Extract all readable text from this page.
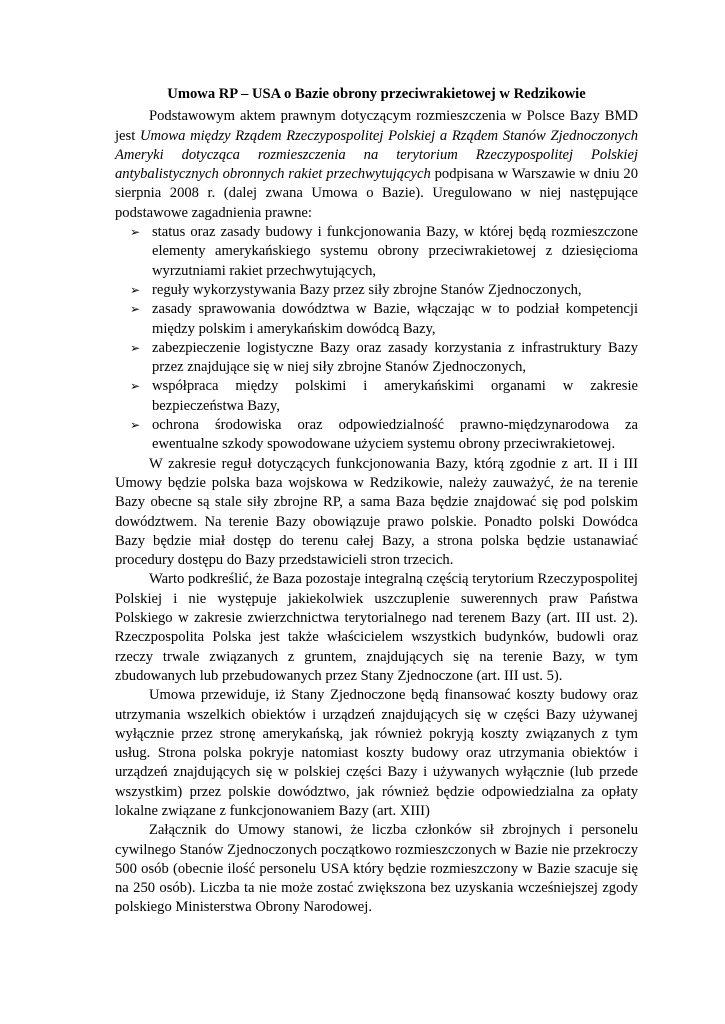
Umowa RP – USA o Bazie obrony przeciwrakietowej w Redzikowie

Podstawowym aktem prawnym dotyczącym rozmieszczenia w Polsce Bazy BMD jest Umowa między Rządem Rzeczypospolitej Polskiej a Rządem Stanów Zjednoczonych Ameryki dotycząca rozmieszczenia na terytorium Rzeczypospolitej Polskiej antybalistycznych obronnych rakiet przechwytujących podpisana w Warszawie w dniu 20 sierpnia 2008 r. (dalej zwana Umowa o Bazie). Uregulowano w niej następujące podstawowe zagadnienia prawne:

➢ status oraz zasady budowy i funkcjonowania Bazy, w której będą rozmieszczone elementy amerykańskiego systemu obrony przeciwrakietowej z dziesięcioma wyrzutniami rakiet przechwytujących,
➢ reguły wykorzystywania Bazy przez siły zbrojne Stanów Zjednoczonych,
➢ zasady sprawowania dowództwa w Bazie, włączając w to podział kompetencji między polskim i amerykańskim dowódcą Bazy,
➢ zabezpieczenie logistyczne Bazy oraz zasady korzystania z infrastruktury Bazy przez znajdujące się w niej siły zbrojne Stanów Zjednoczonych,
➢ współpraca między polskimi i amerykańskimi organami w zakresie bezpieczeństwa Bazy,
➢ ochrona środowiska oraz odpowiedzialność prawno-międzynarodowa za ewentualne szkody spowodowane użyciem systemu obrony przeciwrakietowej.

W zakresie reguł dotyczących funkcjonowania Bazy, którą zgodnie z art. II i III Umowy będzie polska baza wojskowa w Redzikowie, należy zauważyć, że na terenie Bazy obecne są stale siły zbrojne RP, a sama Baza będzie znajdować się pod polskim dowództwem. Na terenie Bazy obowiązuje prawo polskie. Ponadto polski Dowódca Bazy będzie miał dostęp do terenu całej Bazy, a strona polska będzie ustanawiać procedury dostępu do Bazy przedstawicieli stron trzecich.

Warto podkreślić, że Baza pozostaje integralną częścią terytorium Rzeczypospolitej Polskiej i nie występuje jakiekolwiek uszczuplenie suwerennych praw Państwa Polskiego w zakresie zwierzchnictwa terytorialnego nad terenem Bazy (art. III ust. 2). Rzeczpospolita Polska jest także właścicielem wszystkich budynków, budowli oraz rzeczy trwale związanych z gruntem, znajdujących się na terenie Bazy, w tym zbudowanych lub przebudowanych przez Stany Zjednoczone (art. III ust. 5).

Umowa przewiduje, iż Stany Zjednoczone będą finansować koszty budowy oraz utrzymania wszelkich obiektów i urządzeń znajdujących się w części Bazy używanej wyłącznie przez stronę amerykańską, jak również pokryją koszty związanych z tym usług. Strona polska pokryje natomiast koszty budowy oraz utrzymania obiektów i urządzeń znajdujących się w polskiej części Bazy i używanych wyłącznie (lub przede wszystkim) przez polskie dowództwo, jak również będzie odpowiedzialna za opłaty lokalne związane z funkcjonowaniem Bazy (art. XIII)

Załącznik do Umowy stanowi, że liczba członków sił zbrojnych i personelu cywilnego Stanów Zjednoczonych początkowo rozmieszczonych w Bazie nie przekroczy 500 osób (obecnie ilość personelu USA który będzie rozmieszczony w Bazie szacuje się na 250 osób). Liczba ta nie może zostać zwiększona bez uzyskania wcześniejszej zgody polskiego Ministerstwa Obrony Narodowej.
